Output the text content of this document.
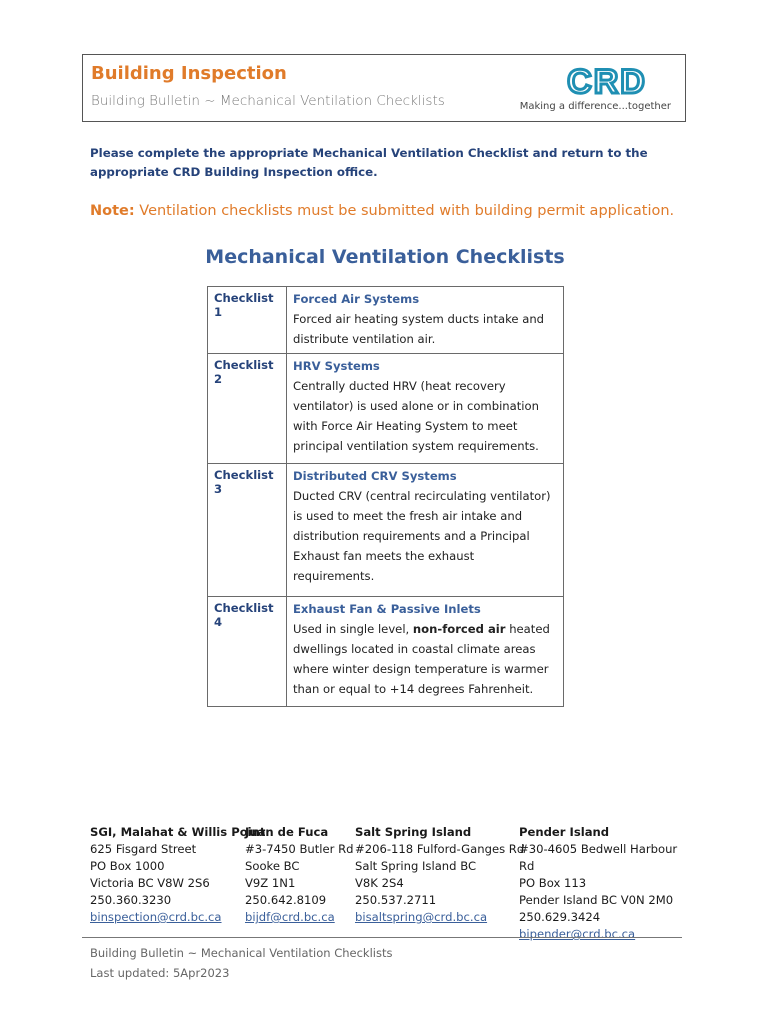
Building Inspection
Building Bulletin ~ Mechanical Ventilation Checklists	CRD
Making a difference...together
Please complete the appropriate Mechanical Ventilation Checklist and return to the appropriate CRD Building Inspection office.
Note: Ventilation checklists must be submitted with building permit application.
Mechanical Ventilation Checklists
Checklist 1	Forced Air Systems
Forced air heating system ducts intake and distribute ventilation air.
Checklist 2	HRV Systems
Centrally ducted HRV (heat recovery ventilator) is used alone or in combination with Force Air Heating System to meet principal ventilation system requirements.
Checklist 3	Distributed CRV Systems
Ducted CRV (central recirculating ventilator) is used to meet the fresh air intake and distribution requirements and a Principal Exhaust fan meets the exhaust requirements.
Checklist 4	Exhaust Fan & Passive Inlets
Used in single level, non-forced air heated dwellings located in coastal climate areas where winter design temperature is warmer than or equal to +14 degrees Fahrenheit.
SGI, Malahat & Willis Point
625 Fisgard Street
PO Box 1000
Victoria BC V8W 2S6
250.360.3230
binspection@crd.bc.ca
Juan de Fuca
#3-7450 Butler Rd
Sooke BC
V9Z 1N1
250.642.8109
bijdf@crd.bc.ca
Salt Spring Island
#206-118 Fulford-Ganges Rd
Salt Spring Island BC
V8K 2S4
250.537.2711
bisaltspring@crd.bc.ca
Pender Island
#30-4605 Bedwell Harbour Rd
PO Box 113
Pender Island BC V0N 2M0
250.629.3424
bipender@crd.bc.ca
Building Bulletin ~ Mechanical Ventilation Checklists
Last updated: 5Apr2023
